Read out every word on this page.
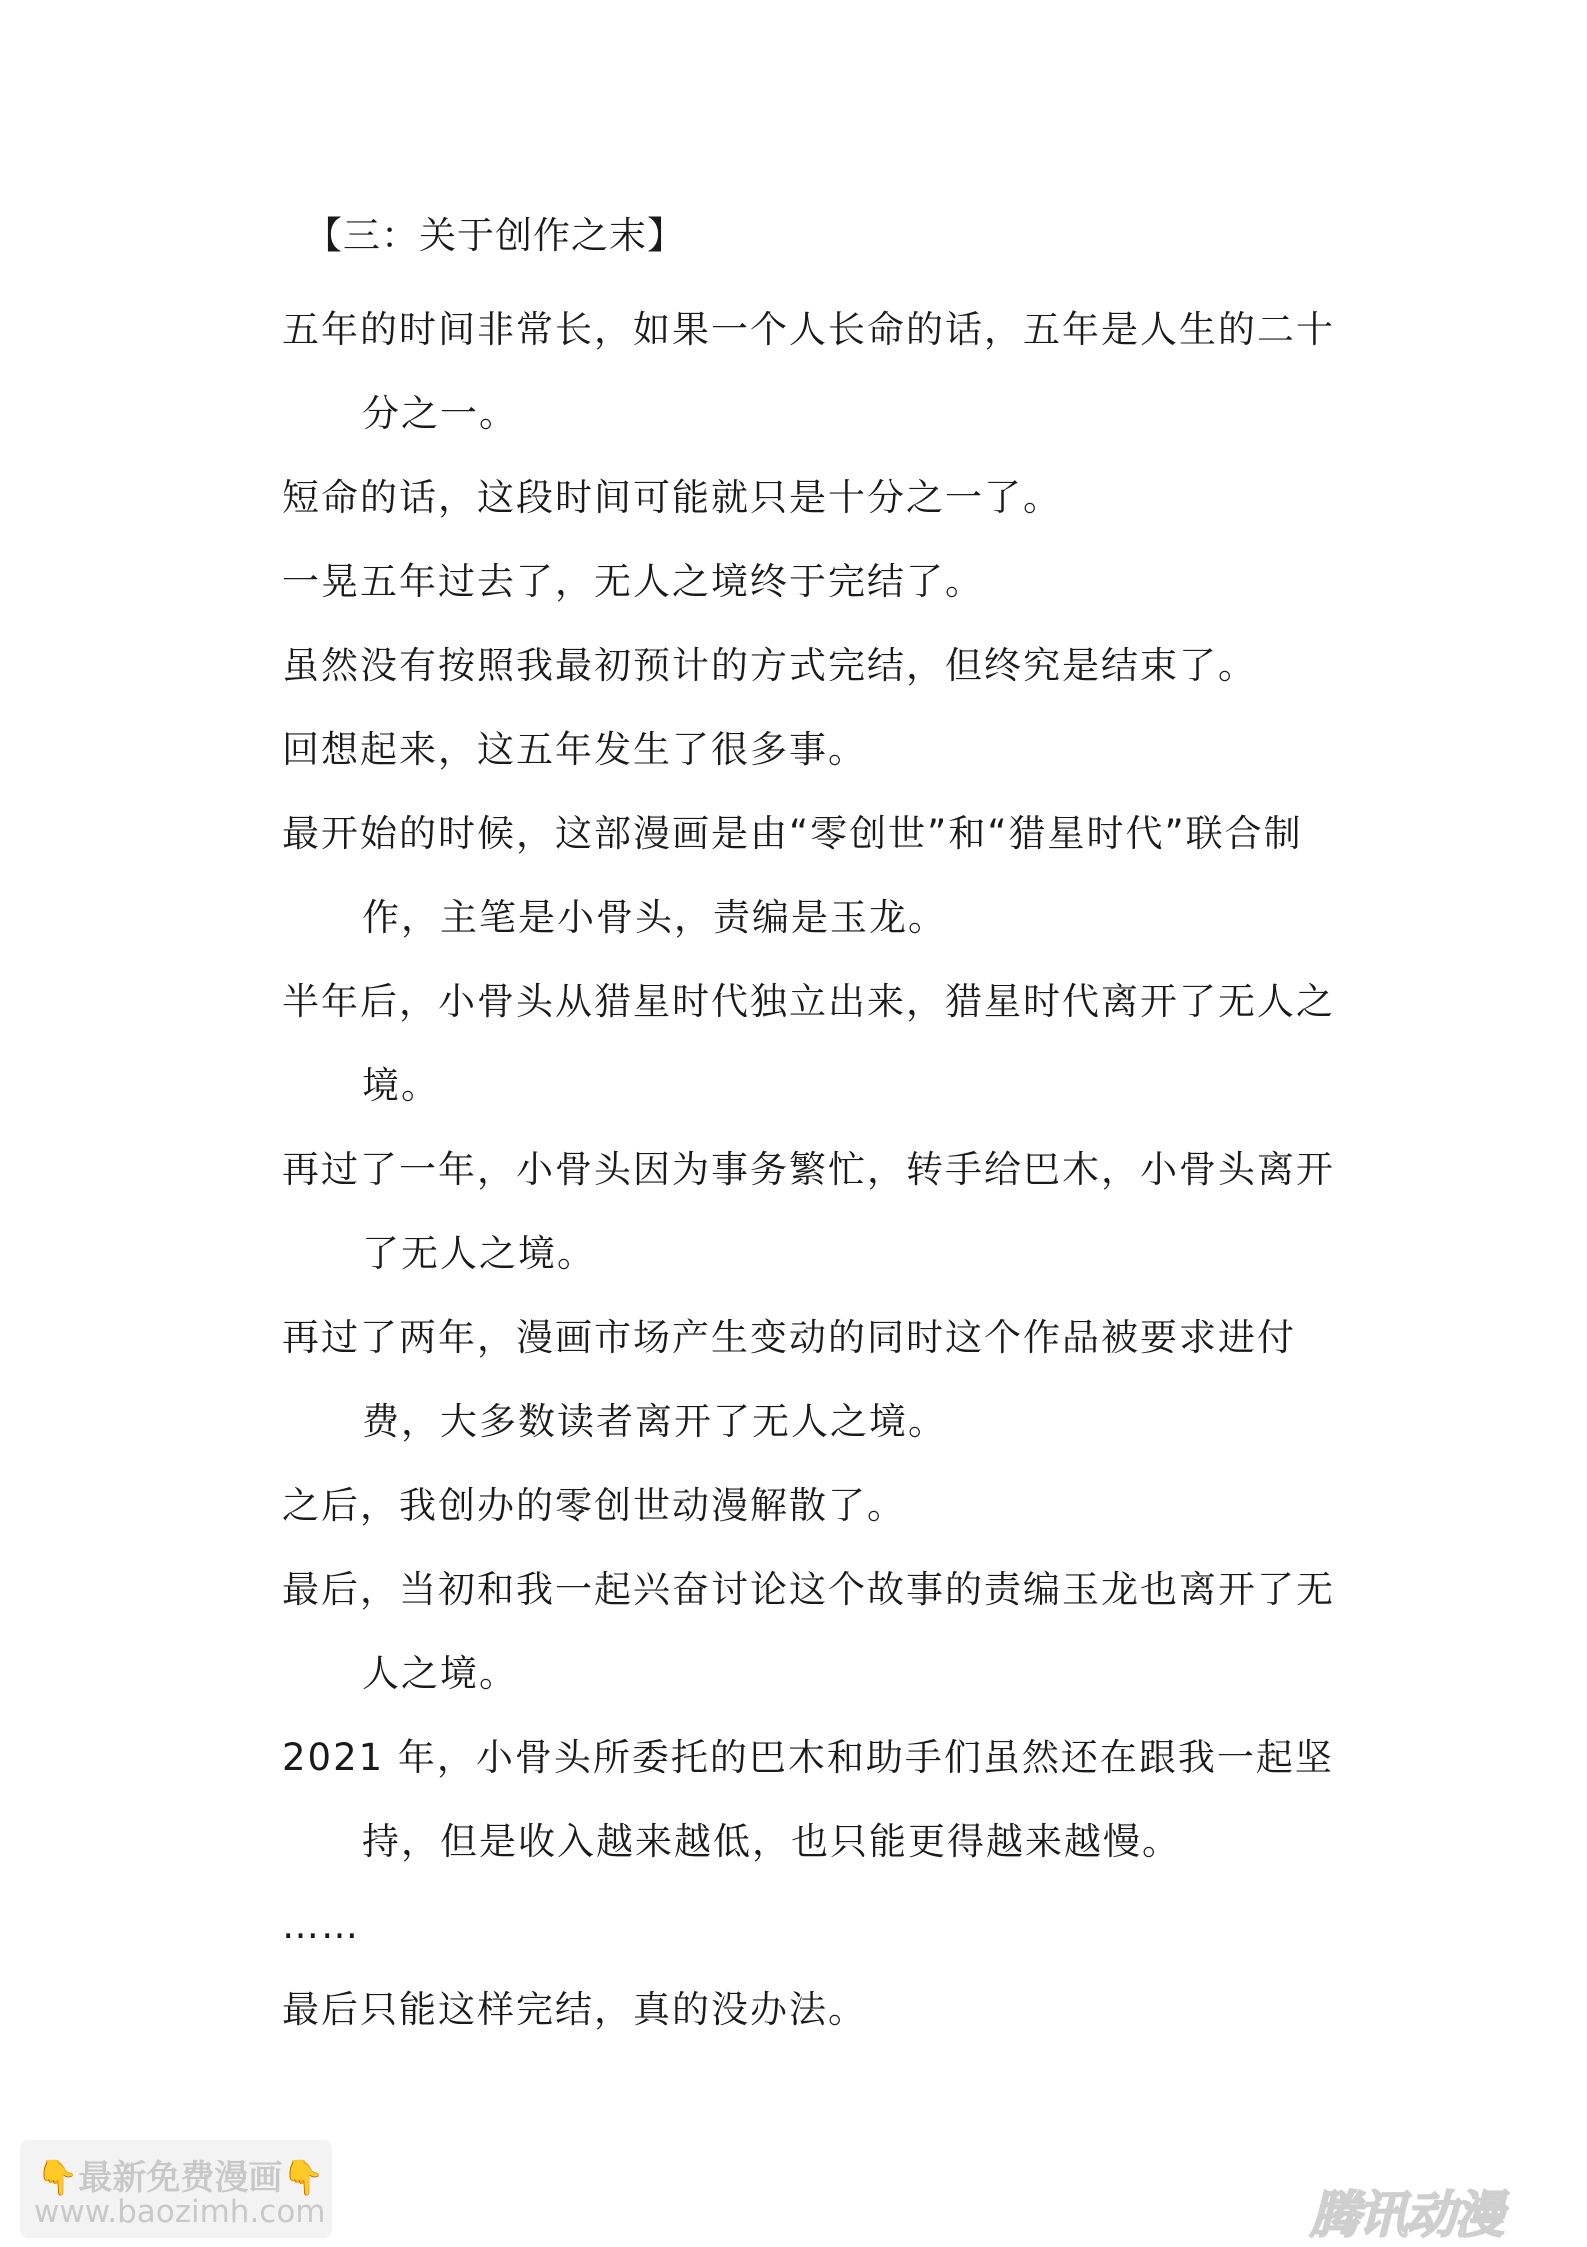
【三：关于创作之末】

五年的时间非常长，如果一个人长命的话，五年是人生的二十分之一。

短命的话，这段时间可能就只是十分之一了。

一晃五年过去了，无人之境终于完结了。

虽然没有按照我最初预计的方式完结，但终究是结束了。

回想起来，这五年发生了很多事。

最开始的时候，这部漫画是由“零创世”和“猎星时代”联合制作，主笔是小骨头，责编是玉龙。

半年后，小骨头从猎星时代独立出来，猎星时代离开了无人之境。

再过了一年，小骨头因为事务繁忙，转手给巴木，小骨头离开了无人之境。

再过了两年，漫画市场产生变动的同时这个作品被要求进付费，大多数读者离开了无人之境。

之后，我创办的零创世动漫解散了。

最后，当初和我一起兴奋讨论这个故事的责编玉龙也离开了无人之境。

2021 年，小骨头所委托的巴木和助手们虽然还在跟我一起坚持，但是收入越来越低，也只能更得越来越慢。

……

最后只能这样完结，真的没办法。

👇最新免费漫画👇
www.baozimh.com	腾讯动漫
